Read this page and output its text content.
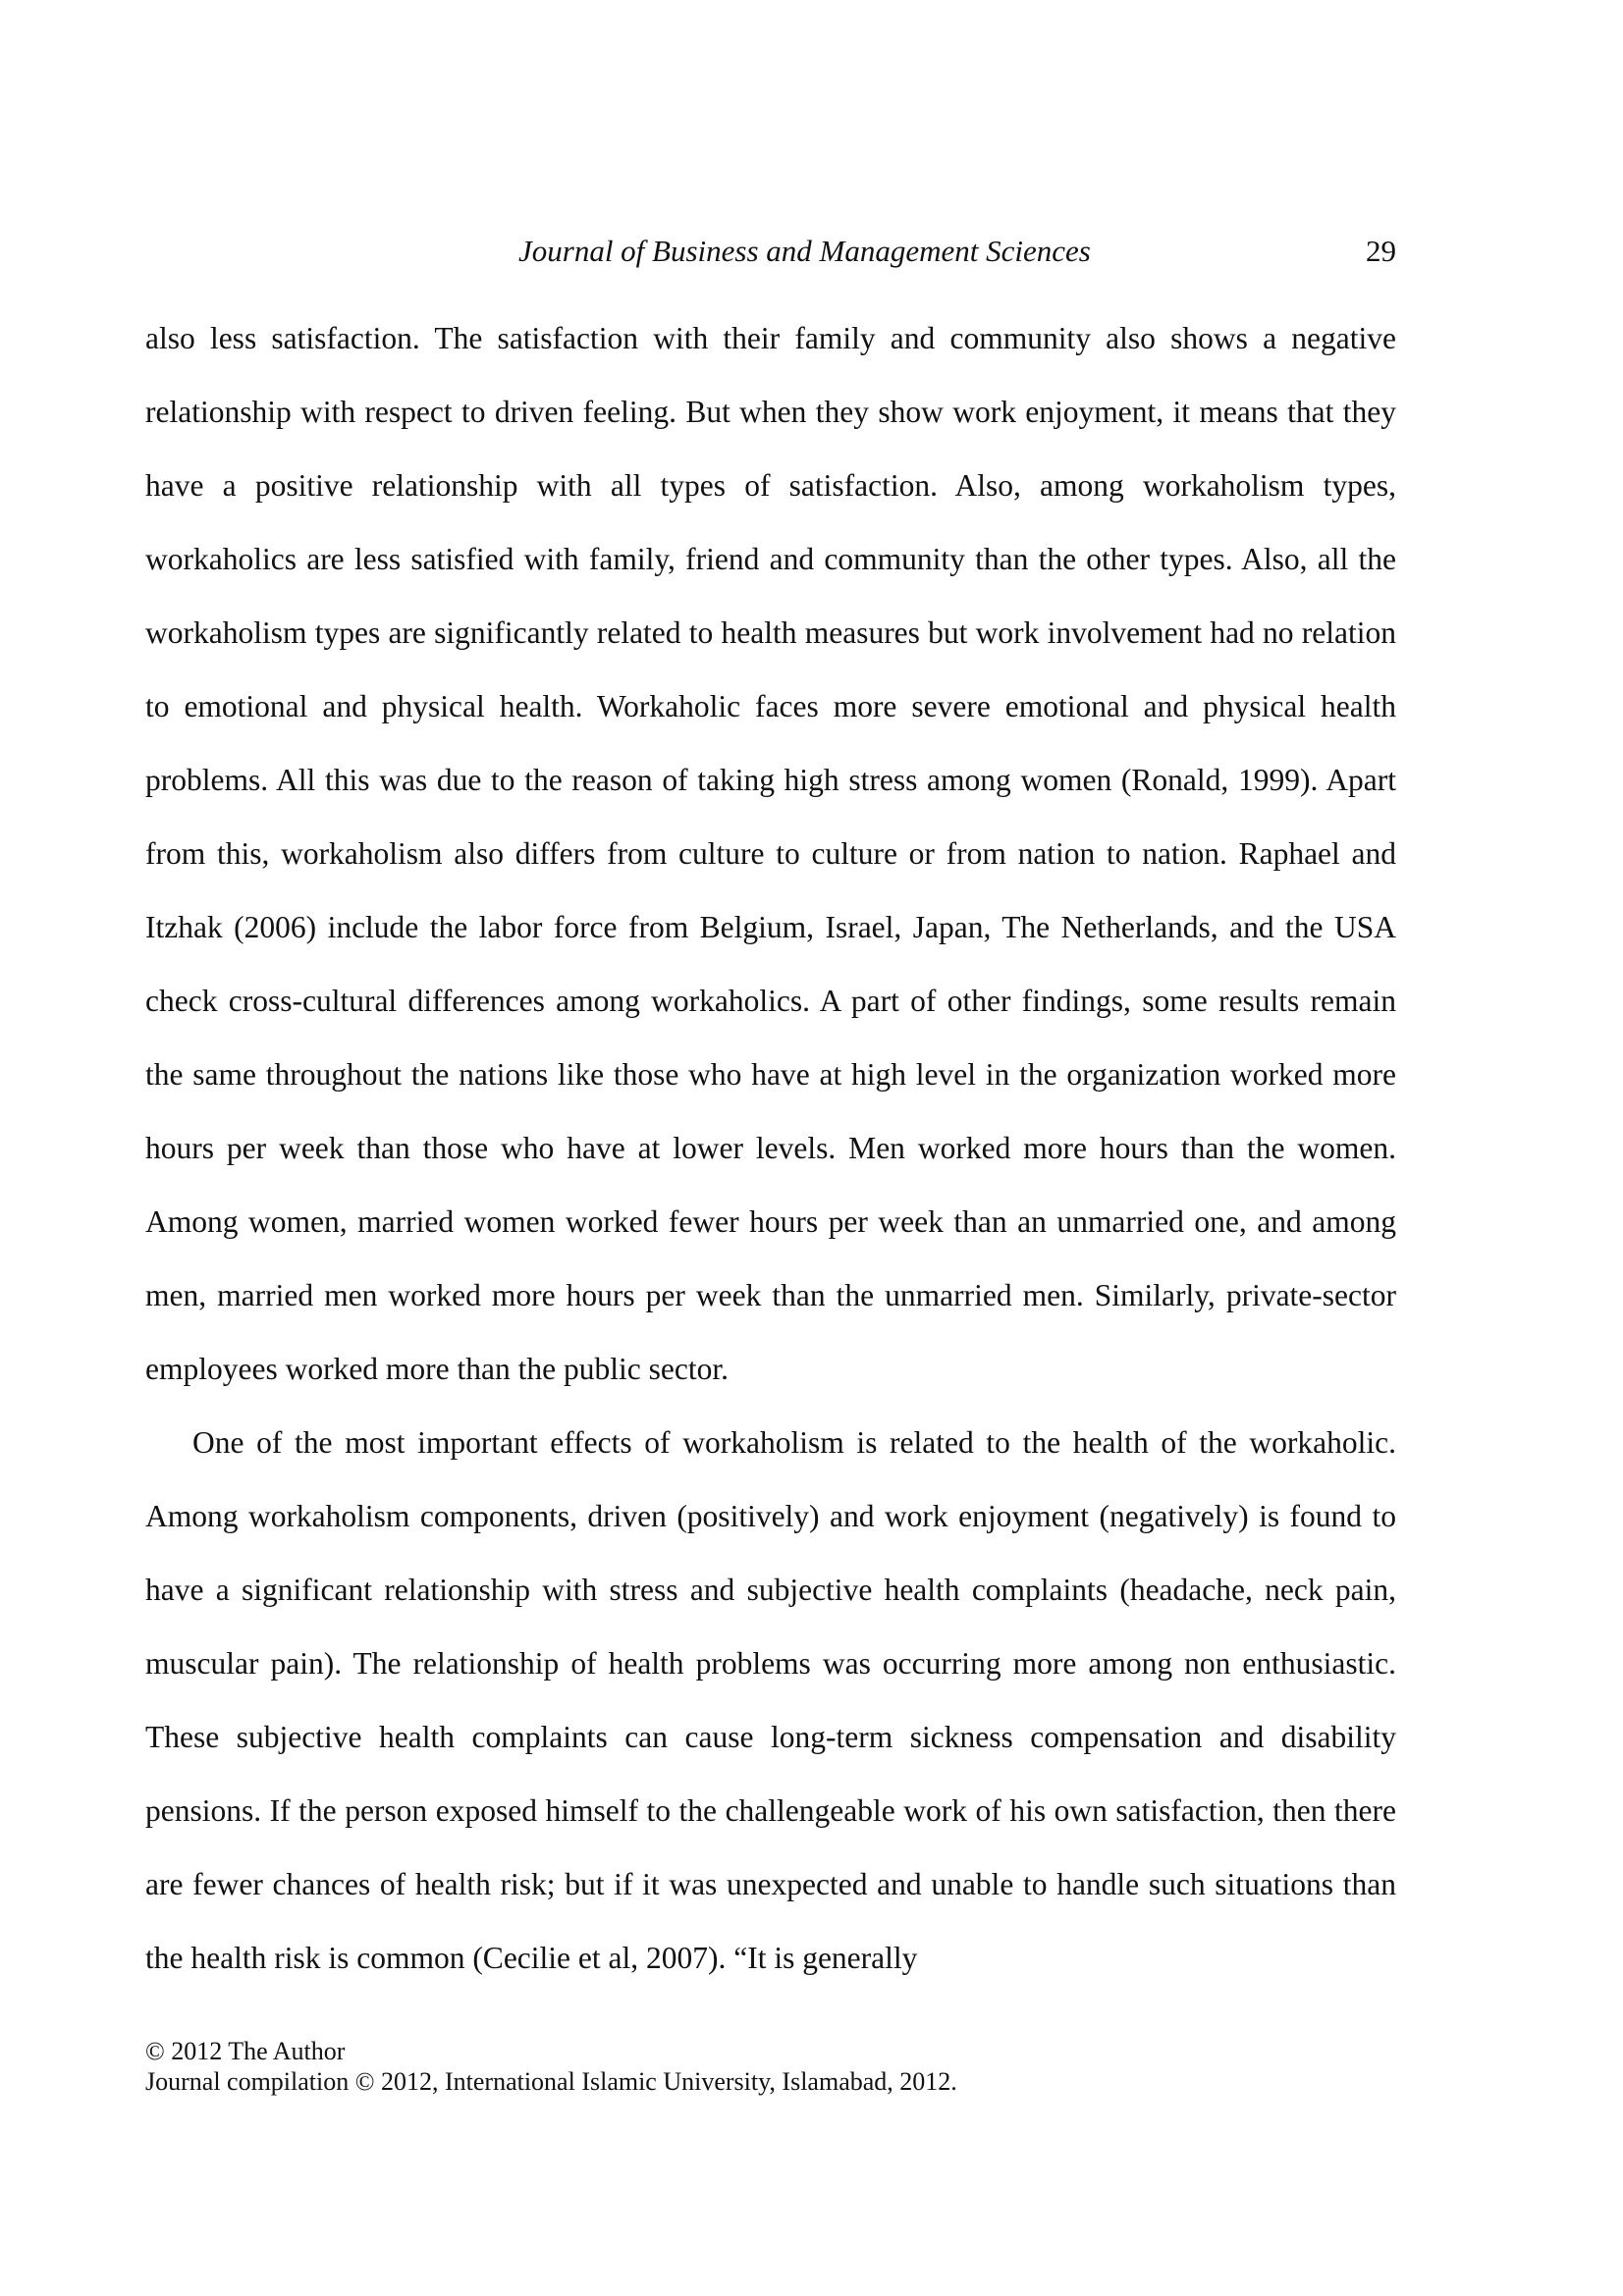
Journal of Business and Management Sciences	29

also less satisfaction. The satisfaction with their family and community also shows a negative relationship with respect to driven feeling. But when they show work enjoyment, it means that they have a positive relationship with all types of satisfaction. Also, among workaholism types, workaholics are less satisfied with family, friend and community than the other types. Also, all the workaholism types are significantly related to health measures but work involvement had no relation to emotional and physical health. Workaholic faces more severe emotional and physical health problems. All this was due to the reason of taking high stress among women (Ronald, 1999). Apart from this, workaholism also differs from culture to culture or from nation to nation. Raphael and Itzhak (2006) include the labor force from Belgium, Israel, Japan, The Netherlands, and the USA check cross-cultural differences among workaholics. A part of other findings, some results remain the same throughout the nations like those who have at high level in the organization worked more hours per week than those who have at lower levels. Men worked more hours than the women. Among women, married women worked fewer hours per week than an unmarried one, and among men, married men worked more hours per week than the unmarried men. Similarly, private-sector employees worked more than the public sector.

One of the most important effects of workaholism is related to the health of the workaholic. Among workaholism components, driven (positively) and work enjoyment (negatively) is found to have a significant relationship with stress and subjective health complaints (headache, neck pain, muscular pain). The relationship of health problems was occurring more among non enthusiastic. These subjective health complaints can cause long-term sickness compensation and disability pensions. If the person exposed himself to the challengeable work of his own satisfaction, then there are fewer chances of health risk; but if it was unexpected and unable to handle such situations than the health risk is common (Cecilie et al, 2007). “It is generally

© 2012 The Author
Journal compilation © 2012, International Islamic University, Islamabad, 2012.
